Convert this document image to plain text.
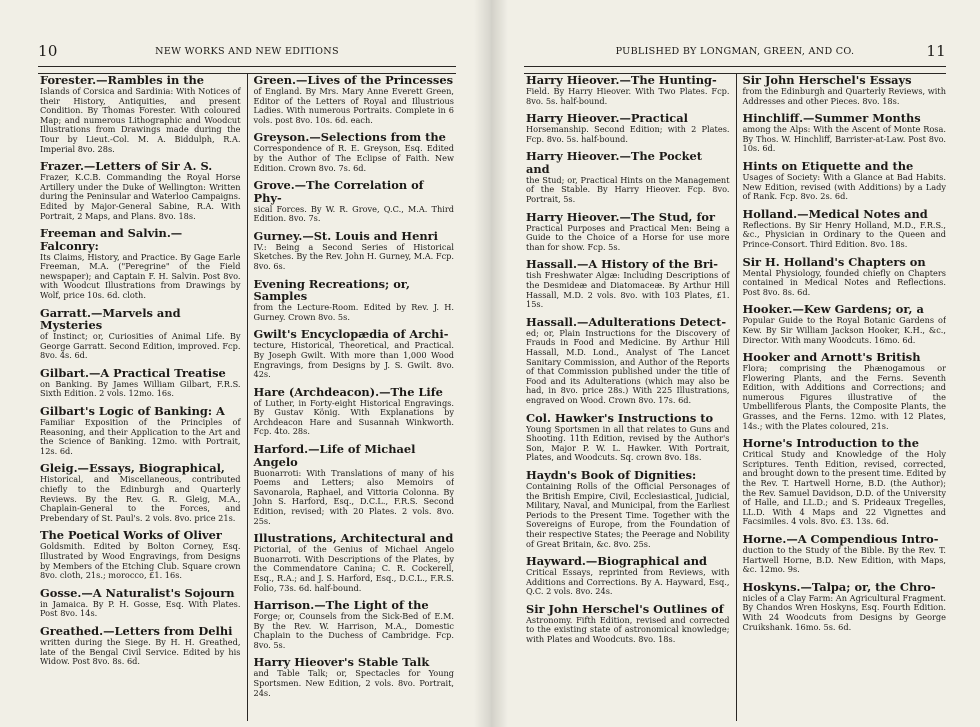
10	NEW WORKS AND NEW EDITIONS

Forester.—Rambles in the
Islands of Corsica and Sardinia: With Notices of their History, Antiquities, and present Condition. By Thomas Forester. With coloured Map; and numerous Lithographic and Woodcut Illustrations from Drawings made during the Tour by Lieut.-Col. M. A. Biddulph, R.A. Imperial 8vo. 28s.

Frazer.—Letters of Sir A. S.
Frazer, K.C.B. Commanding the Royal Horse Artillery under the Duke of Wellington: Written during the Peninsular and Waterloo Campaigns. Edited by Major-General Sabine, R.A. With Portrait, 2 Maps, and Plans. 8vo. 18s.

Freeman and Salvin.—Falconry:
Its Claims, History, and Practice. By Gage Earle Freeman, M.A. ("Peregrine" of the Field newspaper); and Captain F. H. Salvin. Post 8vo. with Woodcut Illustrations from Drawings by Wolf, price 10s. 6d. cloth.

Garratt.—Marvels and Mysteries
of Instinct; or, Curiosities of Animal Life. By George Garratt. Second Edition, improved. Fcp. 8vo. 4s. 6d.

Gilbart.—A Practical Treatise
on Banking. By James William Gilbart, F.R.S. Sixth Edition. 2 vols. 12mo. 16s.

Gilbart's Logic of Banking: A
Familiar Exposition of the Principles of Reasoning, and their Application to the Art and the Science of Banking. 12mo. with Portrait, 12s. 6d.

Gleig.—Essays, Biographical,
Historical, and Miscellaneous, contributed chiefly to the Edinburgh and Quarterly Reviews. By the Rev. G. R. Gleig, M.A., Chaplain-General to the Forces, and Prebendary of St. Paul's. 2 vols. 8vo. price 21s.

The Poetical Works of Oliver
Goldsmith. Edited by Bolton Corney, Esq. Illustrated by Wood Engravings, from Designs by Members of the Etching Club. Square crown 8vo. cloth, 21s.; morocco, £1. 16s.

Gosse.—A Naturalist's Sojourn
in Jamaica. By P. H. Gosse, Esq. With Plates. Post 8vo. 14s.

Greathed.—Letters from Delhi
written during the Siege. By H. H. Greathed, late of the Bengal Civil Service. Edited by his Widow. Post 8vo. 8s. 6d.

Green.—Lives of the Princesses
of England. By Mrs. Mary Anne Everett Green, Editor of the Letters of Royal and Illustrious Ladies. With numerous Portraits. Complete in 6 vols. post 8vo. 10s. 6d. each.

Greyson.—Selections from the
Correspondence of R. E. Greyson, Esq. Edited by the Author of The Eclipse of Faith. New Edition. Crown 8vo. 7s. 6d.

Grove.—The Correlation of Phy-
sical Forces. By W. R. Grove, Q.C., M.A. Third Edition. 8vo. 7s.

Gurney.—St. Louis and Henri
IV.: Being a Second Series of Historical Sketches. By the Rev. John H. Gurney, M.A. Fcp. 8vo. 6s.

Evening Recreations; or, Samples
from the Lecture-Room. Edited by Rev. J. H. Gurney. Crown 8vo. 5s.

Gwilt's Encyclopædia of Archi-
tecture, Historical, Theoretical, and Practical. By Joseph Gwilt. With more than 1,000 Wood Engravings, from Designs by J. S. Gwilt. 8vo. 42s.

Hare (Archdeacon).—The Life
of Luther, in Forty-eight Historical Engravings. By Gustav König. With Explanations by Archdeacon Hare and Susannah Winkworth. Fcp. 4to. 28s.

Harford.—Life of Michael Angelo
Buonarroti: With Translations of many of his Poems and Letters; also Memoirs of Savonarola, Raphael, and Vittoria Colonna. By John S. Harford, Esq., D.C.L., F.R.S. Second Edition, revised; with 20 Plates. 2 vols. 8vo. 25s.

Illustrations, Architectural and
Pictorial, of the Genius of Michael Angelo Buonarroti. With Descriptions of the Plates, by the Commendatore Canina; C. R. Cockerell, Esq., R.A.; and J. S. Harford, Esq., D.C.L., F.R.S. Folio, 73s. 6d. half-bound.

Harrison.—The Light of the
Forge; or, Counsels from the Sick-Bed of E.M. By the Rev. W. Harrison, M.A., Domestic Chaplain to the Duchess of Cambridge. Fcp. 8vo. 5s.

Harry Hieover's Stable Talk
and Table Talk; or, Spectacles for Young Sportsmen. New Edition, 2 vols. 8vo. Portrait, 24s.

PUBLISHED BY LONGMAN, GREEN, AND CO.	11

Harry Hieover.—The Hunting-
Field. By Harry Hieover. With Two Plates. Fcp. 8vo. 5s. half-bound.

Harry Hieover.—Practical
Horsemanship. Second Edition; with 2 Plates. Fcp. 8vo. 5s. half-bound.

Harry Hieover.—The Pocket and
the Stud; or, Practical Hints on the Management of the Stable. By Harry Hieover. Fcp. 8vo. Portrait, 5s.

Harry Hieover.—The Stud, for
Practical Purposes and Practical Men: Being a Guide to the Choice of a Horse for use more than for show. Fcp. 5s.

Hassall.—A History of the Bri-
tish Freshwater Algæ: Including Descriptions of the Desmideæ and Diatomaceæ. By Arthur Hill Hassall, M.D. 2 vols. 8vo. with 103 Plates, £1. 15s.

Hassall.—Adulterations Detect-
ed; or, Plain Instructions for the Discovery of Frauds in Food and Medicine. By Arthur Hill Hassall, M.D. Lond., Analyst of The Lancet Sanitary Commission, and Author of the Reports of that Commission published under the title of Food and its Adulterations (which may also be had, in 8vo. price 28s.) With 225 Illustrations, engraved on Wood. Crown 8vo. 17s. 6d.

Col. Hawker's Instructions to
Young Sportsmen in all that relates to Guns and Shooting. 11th Edition, revised by the Author's Son, Major P. W. L. Hawker. With Portrait, Plates, and Woodcuts. Sq. crown 8vo. 18s.

Haydn's Book of Dignities:
Containing Rolls of the Official Personages of the British Empire, Civil, Ecclesiastical, Judicial, Military, Naval, and Municipal, from the Earliest Periods to the Present Time. Together with the Sovereigns of Europe, from the Foundation of their respective States; the Peerage and Nobility of Great Britain, &c. 8vo. 25s.

Hayward.—Biographical and
Critical Essays, reprinted from Reviews, with Additions and Corrections. By A. Hayward, Esq., Q.C. 2 vols. 8vo. 24s.

Sir John Herschel's Outlines of
Astronomy. Fifth Edition, revised and corrected to the existing state of astronomical knowledge; with Plates and Woodcuts. 8vo. 18s.

Sir John Herschel's Essays
from the Edinburgh and Quarterly Reviews, with Addresses and other Pieces. 8vo. 18s.

Hinchliff.—Summer Months
among the Alps: With the Ascent of Monte Rosa. By Thos. W. Hinchliff, Barrister-at-Law. Post 8vo. 10s. 6d.

Hints on Etiquette and the
Usages of Society: With a Glance at Bad Habits. New Edition, revised (with Additions) by a Lady of Rank. Fcp. 8vo. 2s. 6d.

Holland.—Medical Notes and
Reflections. By Sir Henry Holland, M.D., F.R.S., &c., Physician in Ordinary to the Queen and Prince-Consort. Third Edition. 8vo. 18s.

Sir H. Holland's Chapters on
Mental Physiology, founded chiefly on Chapters contained in Medical Notes and Reflections. Post 8vo. 8s. 6d.

Hooker.—Kew Gardens; or, a
Popular Guide to the Royal Botanic Gardens of Kew. By Sir William Jackson Hooker, K.H., &c., Director. With many Woodcuts. 16mo. 6d.

Hooker and Arnott's British
Flora; comprising the Phænogamous or Flowering Plants, and the Ferns. Seventh Edition, with Additions and Corrections; and numerous Figures illustrative of the Umbelliferous Plants, the Composite Plants, the Grasses, and the Ferns. 12mo. with 12 Plates, 14s.; with the Plates coloured, 21s.

Horne's Introduction to the
Critical Study and Knowledge of the Holy Scriptures. Tenth Edition, revised, corrected, and brought down to the present time. Edited by the Rev. T. Hartwell Horne, B.D. (the Author); the Rev. Samuel Davidson, D.D. of the University of Halle, and LL.D.; and S. Prideaux Tregelles, LL.D. With 4 Maps and 22 Vignettes and Facsimiles. 4 vols. 8vo. £3. 13s. 6d.

Horne.—A Compendious Intro-
duction to the Study of the Bible. By the Rev. T. Hartwell Horne, B.D. New Edition, with Maps, &c. 12mo. 9s.

Hoskyns.—Talpa; or, the Chro-
nicles of a Clay Farm: An Agricultural Fragment. By Chandos Wren Hoskyns, Esq. Fourth Edition. With 24 Woodcuts from Designs by George Cruikshank. 16mo. 5s. 6d.
